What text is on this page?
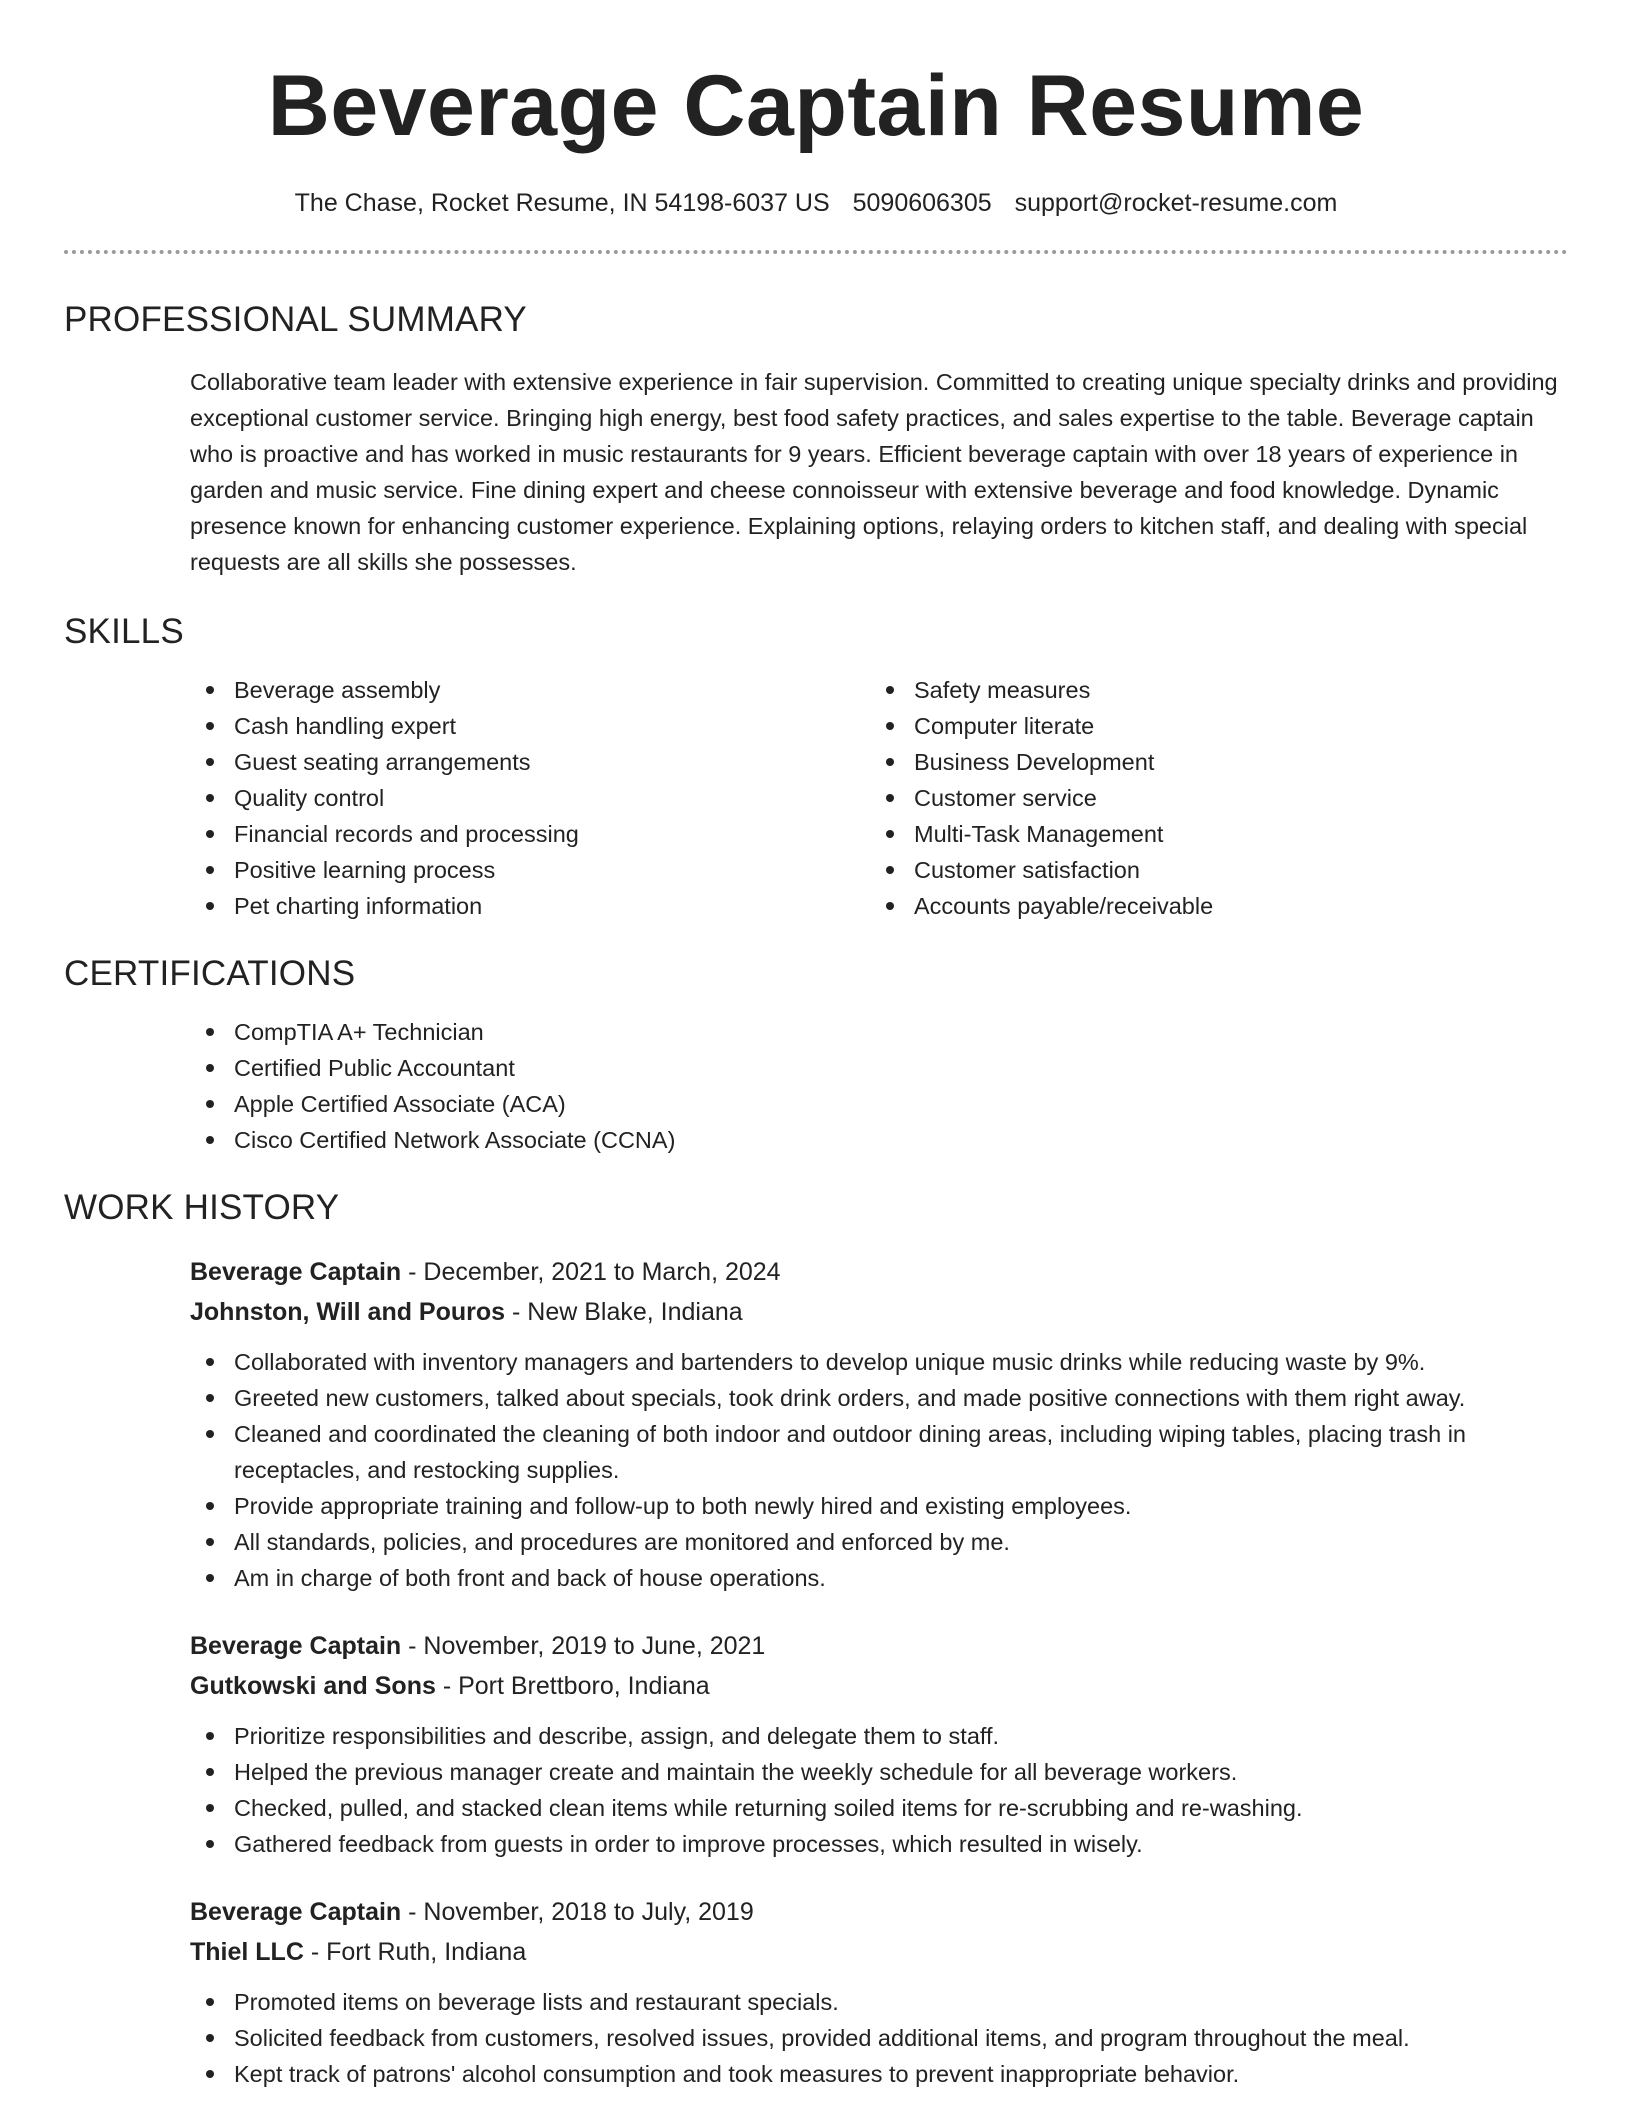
Beverage Captain Resume
The Chase, Rocket Resume, IN 54198-6037 US 5090606305 support@rocket-resume.com
PROFESSIONAL SUMMARY

Collaborative team leader with extensive experience in fair supervision. Committed to creating unique specialty drinks and providing exceptional customer service. Bringing high energy, best food safety practices, and sales expertise to the table. Beverage captain who is proactive and has worked in music restaurants for 9 years. Efficient beverage captain with over 18 years of experience in garden and music service. Fine dining expert and cheese connoisseur with extensive beverage and food knowledge. Dynamic presence known for enhancing customer experience. Explaining options, relaying orders to kitchen staff, and dealing with special requests are all skills she possesses.

SKILLS
Beverage assembly
Cash handling expert
Guest seating arrangements
Quality control
Financial records and processing
Positive learning process
Pet charting information
Safety measures
Computer literate
Business Development
Customer service
Multi-Task Management
Customer satisfaction
Accounts payable/receivable
CERTIFICATIONS
CompTIA A+ Technician
Certified Public Accountant
Apple Certified Associate (ACA)
Cisco Certified Network Associate (CCNA)
WORK HISTORY
Beverage Captain - December, 2021 to March, 2024
Johnston, Will and Pouros - New Blake, Indiana
Collaborated with inventory managers and bartenders to develop unique music drinks while reducing waste by 9%.
Greeted new customers, talked about specials, took drink orders, and made positive connections with them right away.
Cleaned and coordinated the cleaning of both indoor and outdoor dining areas, including wiping tables, placing trash in receptacles, and restocking supplies.
Provide appropriate training and follow-up to both newly hired and existing employees.
All standards, policies, and procedures are monitored and enforced by me.
Am in charge of both front and back of house operations.
Beverage Captain - November, 2019 to June, 2021
Gutkowski and Sons - Port Brettboro, Indiana
Prioritize responsibilities and describe, assign, and delegate them to staff.
Helped the previous manager create and maintain the weekly schedule for all beverage workers.
Checked, pulled, and stacked clean items while returning soiled items for re-scrubbing and re-washing.
Gathered feedback from guests in order to improve processes, which resulted in wisely.
Beverage Captain - November, 2018 to July, 2019
Thiel LLC - Fort Ruth, Indiana
Promoted items on beverage lists and restaurant specials.
Solicited feedback from customers, resolved issues, provided additional items, and program throughout the meal.
Kept track of patrons' alcohol consumption and took measures to prevent inappropriate behavior.
